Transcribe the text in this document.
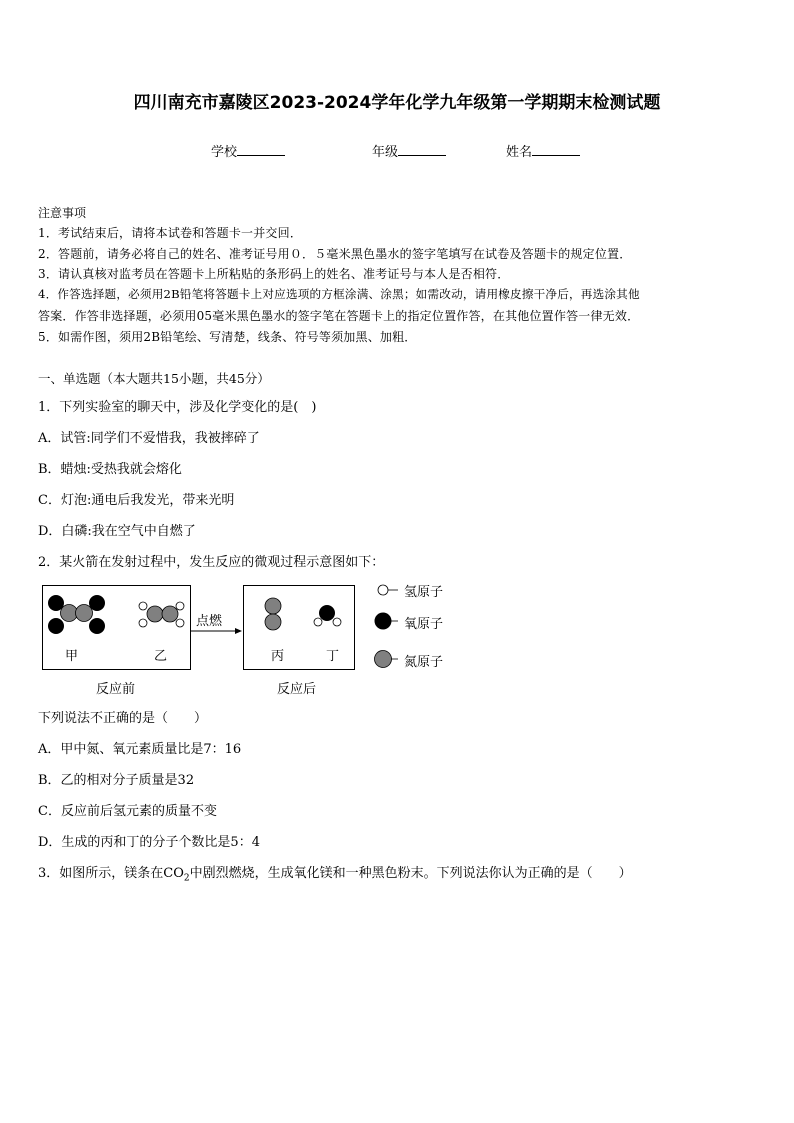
四川南充市嘉陵区2023-2024学年化学九年级第一学期期末检测试题
学校	年级	姓名
注意事项
1．考试结束后，请将本试卷和答题卡一并交回．
2．答题前，请务必将自己的姓名、准考证号用０．５毫米黑色墨水的签字笔填写在试卷及答题卡的规定位置．
3．请认真核对监考员在答题卡上所粘贴的条形码上的姓名、准考证号与本人是否相符．
4．作答选择题，必须用2B铅笔将答题卡上对应选项的方框涂满、涂黑；如需改动，请用橡皮擦干净后，再选涂其他
答案．作答非选择题，必须用05毫米黑色墨水的签字笔在答题卡上的指定位置作答，在其他位置作答一律无效．
5．如需作图，须用2B铅笔绘、写清楚，线条、符号等须加黑、加粗．
一、单选题（本大题共15小题，共45分）
1．下列实验室的聊天中，涉及化学变化的是(　)
A．试管:同学们不爱惜我，我被摔碎了
B．蜡烛:受热我就会熔化
C．灯泡:通电后我发光，带来光明
D．白磷:我在空气中自燃了
2．某火箭在发射过程中，发生反应的微观过程示意图如下：
甲	乙	丙	丁
点燃
反应前	反应后
氢原子
氧原子
氮原子
下列说法不正确的是（　　）
A．甲中氮、氧元素质量比是7：16
B．乙的相对分子质量是32
C．反应前后氢元素的质量不变
D．生成的丙和丁的分子个数比是5：4
3．如图所示，镁条在$CO_2$中剧烈燃烧，生成氧化镁和一种黑色粉末。下列说法你认为正确的是（　　）
